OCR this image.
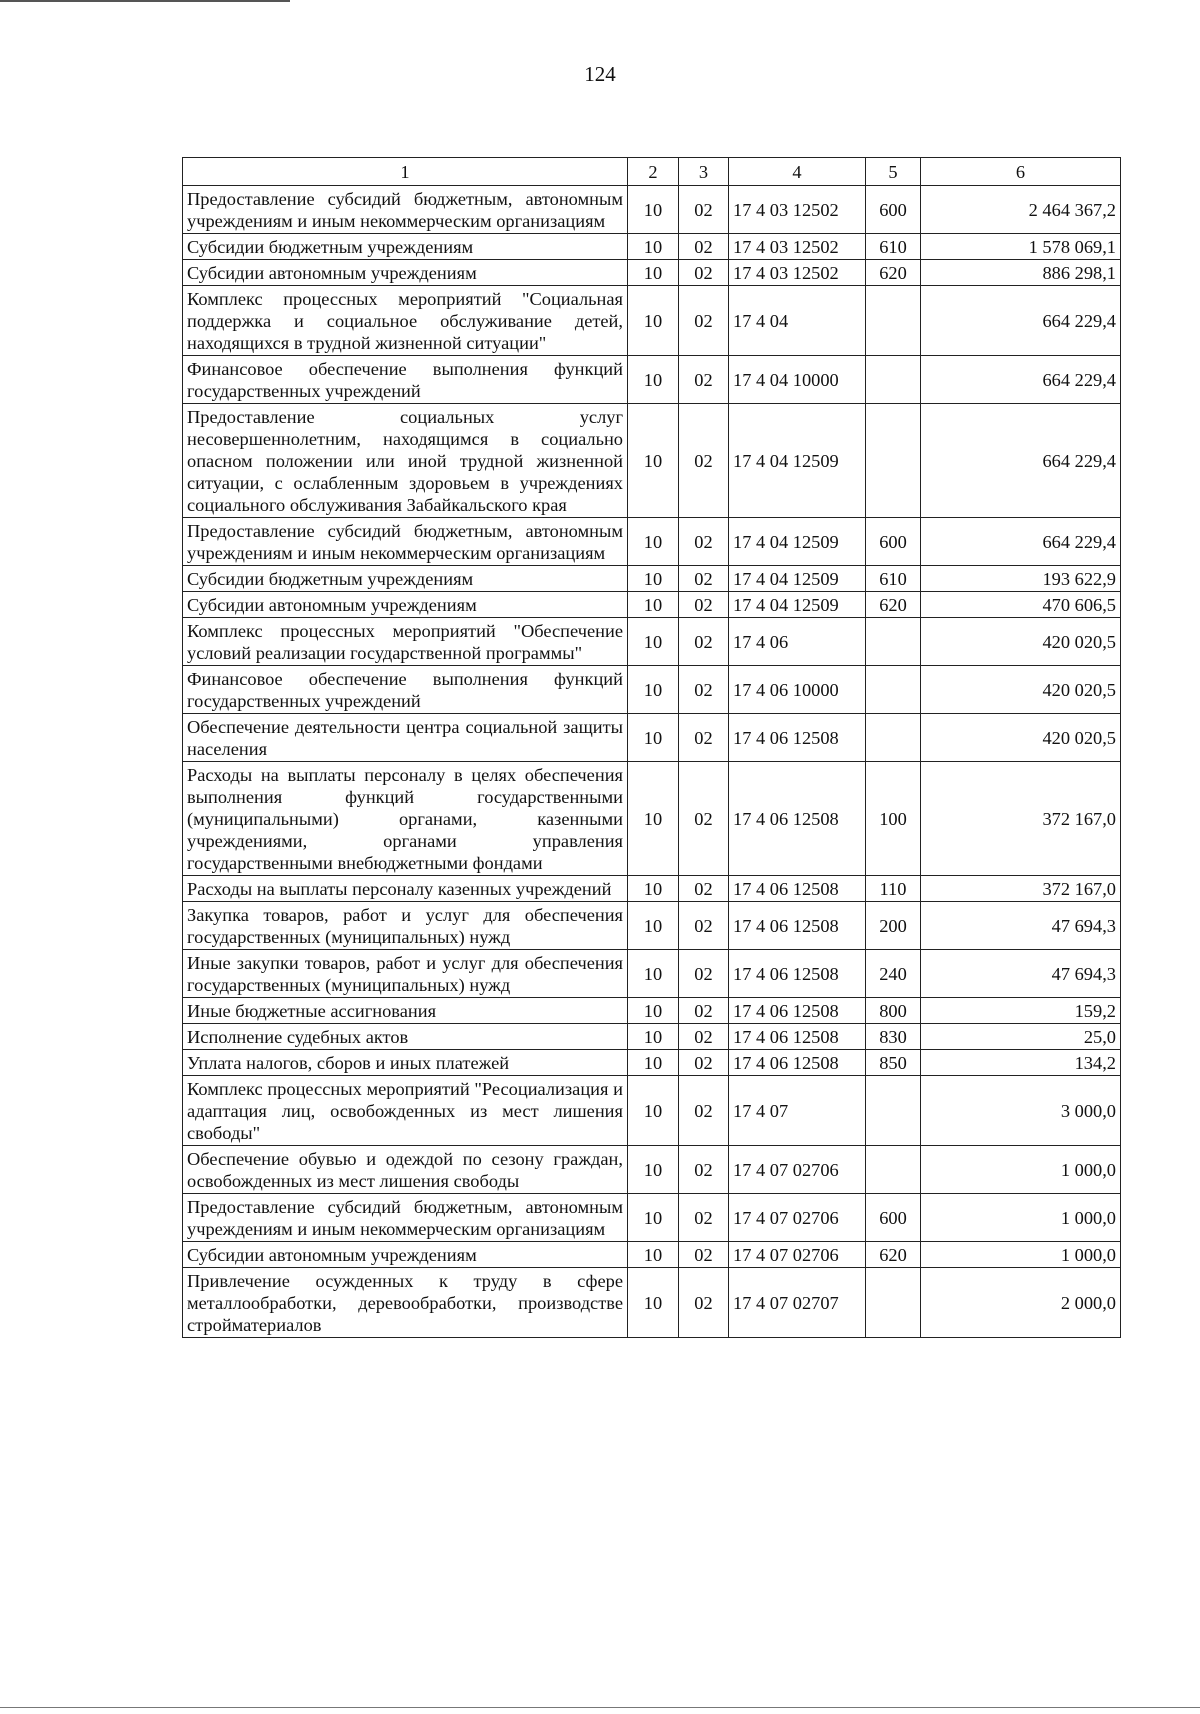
124
1	2	3	4	5	6
Предоставление субсидий бюджетным, автономным учреждениям и иным некоммерческим организациям	10	02	17 4 03 12502	600	2 464 367,2
Субсидии бюджетным учреждениям	10	02	17 4 03 12502	610	1 578 069,1
Субсидии автономным учреждениям	10	02	17 4 03 12502	620	886 298,1
Комплекс процессных мероприятий "Социальная поддержка и социальное обслуживание детей, находящихся в трудной жизненной ситуации"	10	02	17 4 04		664 229,4
Финансовое обеспечение выполнения функций государственных учреждений	10	02	17 4 04 10000		664 229,4
Предоставление социальных услуг несовершеннолетним, находящимся в социально опасном положении или иной трудной жизненной ситуации, с ослабленным здоровьем в учреждениях социального обслуживания Забайкальского края	10	02	17 4 04 12509		664 229,4
Предоставление субсидий бюджетным, автономным учреждениям и иным некоммерческим организациям	10	02	17 4 04 12509	600	664 229,4
Субсидии бюджетным учреждениям	10	02	17 4 04 12509	610	193 622,9
Субсидии автономным учреждениям	10	02	17 4 04 12509	620	470 606,5
Комплекс процессных мероприятий "Обеспечение условий реализации государственной программы"	10	02	17 4 06		420 020,5
Финансовое обеспечение выполнения функций государственных учреждений	10	02	17 4 06 10000		420 020,5
Обеспечение деятельности центра социальной защиты населения	10	02	17 4 06 12508		420 020,5
Расходы на выплаты персоналу в целях обеспечения выполнения функций государственными (муниципальными) органами, казенными учреждениями, органами управления государственными внебюджетными фондами	10	02	17 4 06 12508	100	372 167,0
Расходы на выплаты персоналу казенных учреждений	10	02	17 4 06 12508	110	372 167,0
Закупка товаров, работ и услуг для обеспечения государственных (муниципальных) нужд	10	02	17 4 06 12508	200	47 694,3
Иные закупки товаров, работ и услуг для обеспечения государственных (муниципальных) нужд	10	02	17 4 06 12508	240	47 694,3
Иные бюджетные ассигнования	10	02	17 4 06 12508	800	159,2
Исполнение судебных актов	10	02	17 4 06 12508	830	25,0
Уплата налогов, сборов и иных платежей	10	02	17 4 06 12508	850	134,2
Комплекс процессных мероприятий "Ресоциализация и адаптация лиц, освобожденных из мест лишения свободы"	10	02	17 4 07		3 000,0
Обеспечение обувью и одеждой по сезону граждан, освобожденных из мест лишения свободы	10	02	17 4 07 02706		1 000,0
Предоставление субсидий бюджетным, автономным учреждениям и иным некоммерческим организациям	10	02	17 4 07 02706	600	1 000,0
Субсидии автономным учреждениям	10	02	17 4 07 02706	620	1 000,0
Привлечение осужденных к труду в сфере металлообработки, деревообработки, производстве стройматериалов	10	02	17 4 07 02707		2 000,0
